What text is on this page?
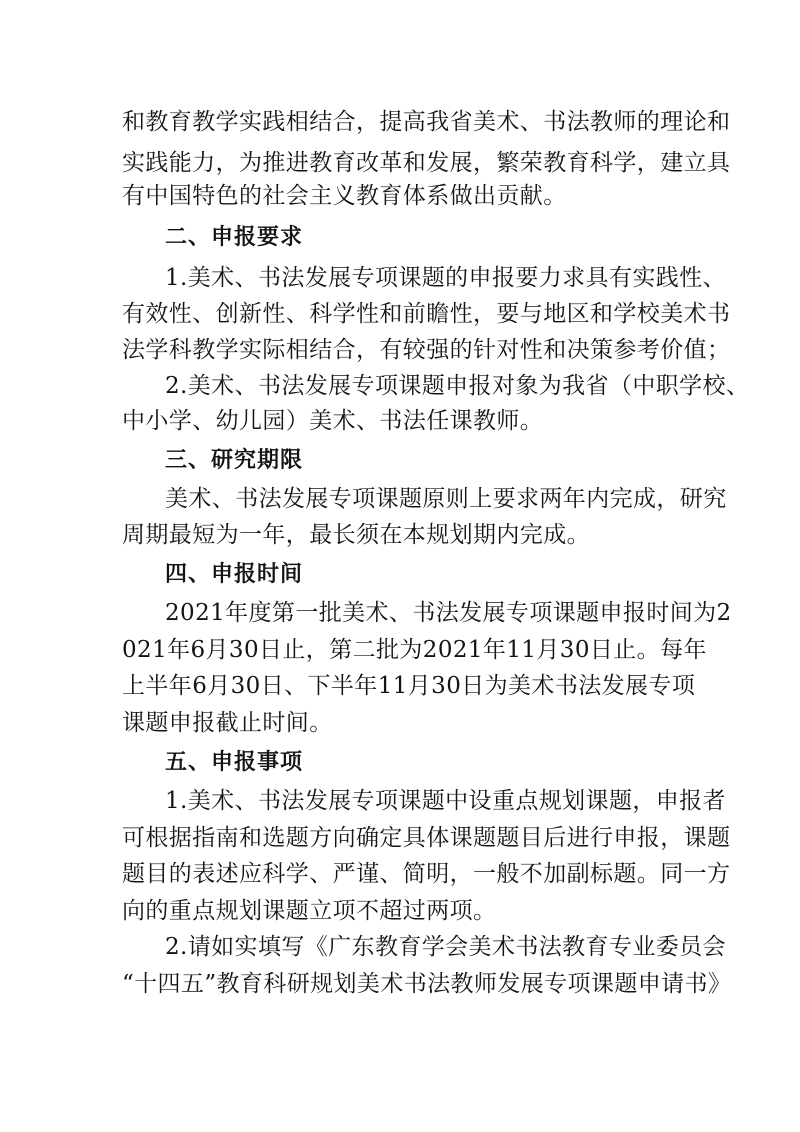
和教育教学实践相结合，提高我省美术、书法教师的理论和
实践能力，为推进教育改革和发展，繁荣教育科学，建立具
有中国特色的社会主义教育体系做出贡献。
二、申报要求
1.美术、书法发展专项课题的申报要力求具有实践性、
有效性、创新性、科学性和前瞻性，要与地区和学校美术书
法学科教学实际相结合，有较强的针对性和决策参考价值；
2.美术、书法发展专项课题申报对象为我省（中职学校、
中小学、幼儿园）美术、书法任课教师。
三、研究期限
美术、书法发展专项课题原则上要求两年内完成，研究
周期最短为一年，最长须在本规划期内完成。
四、申报时间
2021年度第一批美术、书法发展专项课题申报时间为2
021年6月30日止，第二批为2021年11月30日止。每年
上半年6月30日、下半年11月30日为美术书法发展专项
课题申报截止时间。
五、申报事项
1.美术、书法发展专项课题中设重点规划课题，申报者
可根据指南和选题方向确定具体课题题目后进行申报，课题
题目的表述应科学、严谨、简明，一般不加副标题。同一方
向的重点规划课题立项不超过两项。
2.请如实填写《广东教育学会美术书法教育专业委员会
“十四五”教育科研规划美术书法教师发展专项课题申请书》
